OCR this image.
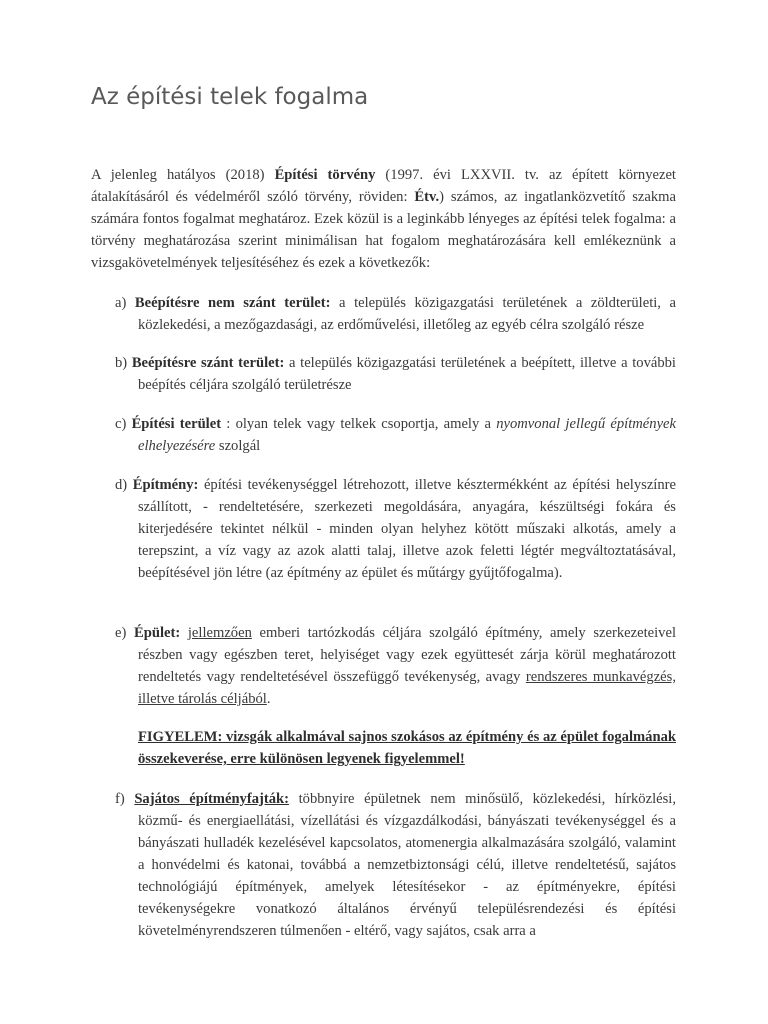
Az építési telek fogalma

A jelenleg hatályos (2018) Építési törvény (1997. évi LXXVII. tv. az épített környezet átalakításáról és védelméről szóló törvény, röviden: Étv.) számos, az ingatlanközvetítő szakma számára fontos fogalmat meghatároz. Ezek közül is a leginkább lényeges az építési telek fogalma: a törvény meghatározása szerint minimálisan hat fogalom meghatározására kell emlékeznünk a vizsgakövetelmények teljesítéséhez és ezek a következők:

a) Beépítésre nem szánt terület: a település közigazgatási területének a zöldterületi, a közlekedési, a mezőgazdasági, az erdőművelési, illetőleg az egyéb célra szolgáló része

b) Beépítésre szánt terület: a település közigazgatási területének a beépített, illetve a további beépítés céljára szolgáló területrésze

c) Építési terület : olyan telek vagy telkek csoportja, amely a nyomvonal jellegű építmények elhelyezésére szolgál

d) Építmény: építési tevékenységgel létrehozott, illetve késztermékként az építési helyszínre szállított, - rendeltetésére, szerkezeti megoldására, anyagára, készültségi fokára és kiterjedésére tekintet nélkül - minden olyan helyhez kötött műszaki alkotás, amely a terepszint, a víz vagy az azok alatti talaj, illetve azok feletti légtér megváltoztatásával, beépítésével jön létre (az építmény az épület és műtárgy gyűjtőfogalma).

e) Épület: jellemzően emberi tartózkodás céljára szolgáló építmény, amely szerkezeteivel részben vagy egészben teret, helyiséget vagy ezek együttesét zárja körül meghatározott rendeltetés vagy rendeltetésével összefüggő tevékenység, avagy rendszeres munkavégzés, illetve tárolás céljából.

FIGYELEM: vizsgák alkalmával sajnos szokásos az építmény és az épület fogalmának összekeverése, erre különösen legyenek figyelemmel!

f) Sajátos építményfajták: többnyire épületnek nem minősülő, közlekedési, hírközlési, közmű- és energiaellátási, vízellátási és vízgazdálkodási, bányászati tevékenységgel és a bányászati hulladék kezelésével kapcsolatos, atomenergia alkalmazására szolgáló, valamint a honvédelmi és katonai, továbbá a nemzetbiztonsági célú, illetve rendeltetésű, sajátos technológiájú építmények, amelyek létesítésekor - az építményekre, építési tevékenységekre vonatkozó általános érvényű településrendezési és építési követelményrendszeren túlmenően - eltérő, vagy sajátos, csak arra a
